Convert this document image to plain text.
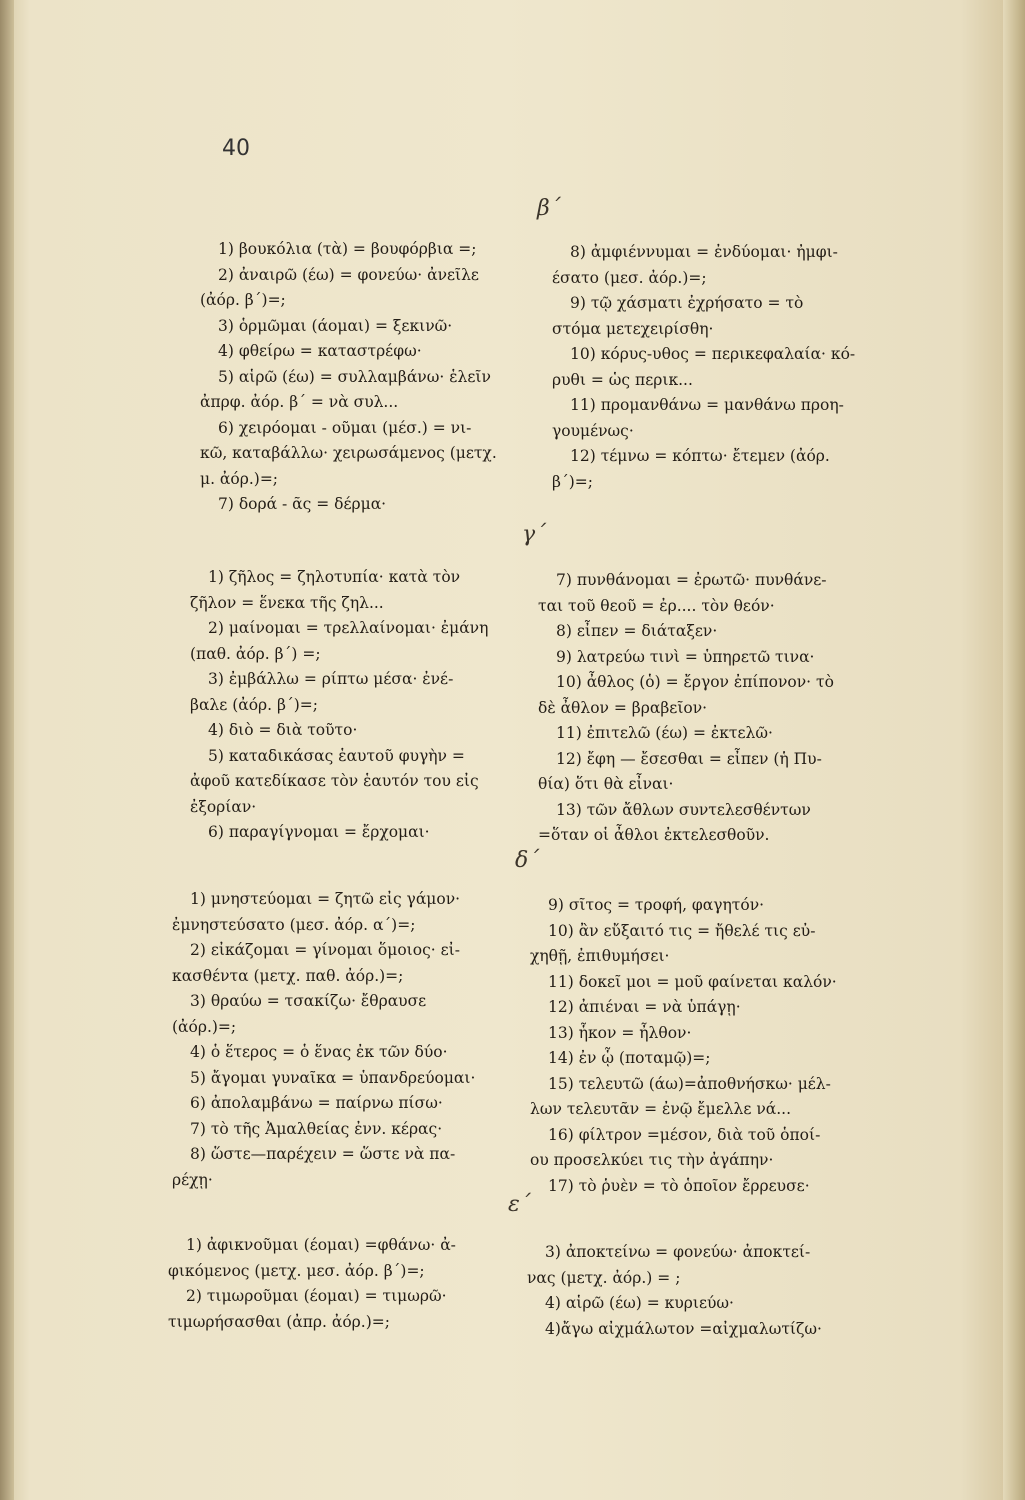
40
β΄
1) βουκόλια (τὰ) = βουφόρβια =;
2) ἀναιρῶ (έω) = φονεύω· ἀνεῖλε
(ἀόρ. β΄)=;
3) ὁρμῶμαι (άομαι) = ξεκινῶ·
4) φθείρω = καταστρέφω·
5) αἱρῶ (έω) = συλλαμβάνω· ἑλεῖν
ἀπρφ. ἀόρ. β΄ = νὰ συλ...
6) χειρόομαι - οῦμαι (μέσ.) = νι-
κῶ, καταβάλλω· χειρωσάμενος (μετχ.
μ. ἀόρ.)=;
7) δορά - ᾶς = δέρμα·
8) ἀμφιέννυμαι = ἐνδύομαι· ἠμφι-
έσατο (μεσ. ἀόρ.)=;
9) τῷ χάσματι ἐχρήσατο = τὸ
στόμα μετεχειρίσθη·
10) κόρυς-υθος = περικεφαλαία· κό-
ρυθι = ὡς περικ...
11) προμανθάνω = μανθάνω προη-
γουμένως·
12) τέμνω = κόπτω· ἔτεμεν (ἀόρ.
β΄)=;
γ΄
1) ζῆλος = ζηλοτυπία· κατὰ τὸν
ζῆλον = ἕνεκα τῆς ζηλ...
2) μαίνομαι = τρελλαίνομαι· ἐμάνη
(παθ. ἀόρ. β΄) =;
3) ἐμβάλλω = ρίπτω μέσα· ἐνέ-
βαλε (ἀόρ. β΄)=;
4) διὸ = διὰ τοῦτο·
5) καταδικάσας ἑαυτοῦ φυγὴν =
ἀφοῦ κατεδίκασε τὸν ἑαυτόν του εἰς
ἐξορίαν·
6) παραγίγνομαι = ἔρχομαι·
7) πυνθάνομαι = ἐρωτῶ· πυνθάνε-
ται τοῦ θεοῦ = ἐρ.... τὸν θεόν·
8) εἶπεν = διάταξεν·
9) λατρεύω τινὶ = ὑπηρετῶ τινα·
10) ἆθλος (ὁ) = ἔργον ἐπίπονον· τὸ
δὲ ἆθλον = βραβεῖον·
11) ἐπιτελῶ (έω) = ἐκτελῶ·
12) ἔφη — ἔσεσθαι = εἶπεν (ἡ Πυ-
θία) ὅτι θὰ εἶναι·
13) τῶν ἄθλων συντελεσθέντων
=ὅταν οἱ ἆθλοι ἐκτελεσθοῦν.
δ΄
1) μνηστεύομαι = ζητῶ εἰς γάμον·
ἐμνηστεύσατο (μεσ. ἀόρ. α΄)=;
2) εἰκάζομαι = γίνομαι ὅμοιος· εἰ-
κασθέντα (μετχ. παθ. ἀόρ.)=;
3) θραύω = τσακίζω· ἔθραυσε
(ἀόρ.)=;
4) ὁ ἕτερος = ὁ ἕνας ἐκ τῶν δύο·
5) ἄγομαι γυναῖκα = ὑπανδρεύομαι·
6) ἀπολαμβάνω = παίρνω πίσω·
7) τὸ τῆς Ἀμαλθείας ἐνν. κέρας·
8) ὥστε—παρέχειν = ὥστε νὰ πα-
ρέχῃ·
9) σῖτος = τροφή, φαγητόν·
10) ἂν εὔξαιτό τις = ἤθελέ τις εὐ-
χηθῇ, ἐπιθυμήσει·
11) δοκεῖ μοι = μοῦ φαίνεται καλόν·
12) ἀπιέναι = νὰ ὑπάγῃ·
13) ἧκον = ἦλθον·
14) ἐν ᾧ (ποταμῷ)=;
15) τελευτῶ (άω)=ἀποθνήσκω· μέλ-
λων τελευτᾶν = ἐνῷ ἔμελλε νά...
16) φίλτρον =μέσον, διὰ τοῦ ὁποί-
ου προσελκύει τις τὴν ἀγάπην·
17) τὸ ῥυὲν = τὸ ὁποῖον ἔρρευσε·
ε΄
1) ἀφικνοῦμαι (έομαι) =φθάνω· ἀ-
φικόμενος (μετχ. μεσ. ἀόρ. β΄)=;
2) τιμωροῦμαι (έομαι) = τιμωρῶ·
τιμωρήσασθαι (ἀπρ. ἀόρ.)=;
3) ἀποκτείνω = φονεύω· ἀποκτεί-
νας (μετχ. ἀόρ.) = ;
4) αἱρῶ (έω) = κυριεύω·
4)ἄγω αἰχμάλωτον =αἰχμαλωτίζω·
